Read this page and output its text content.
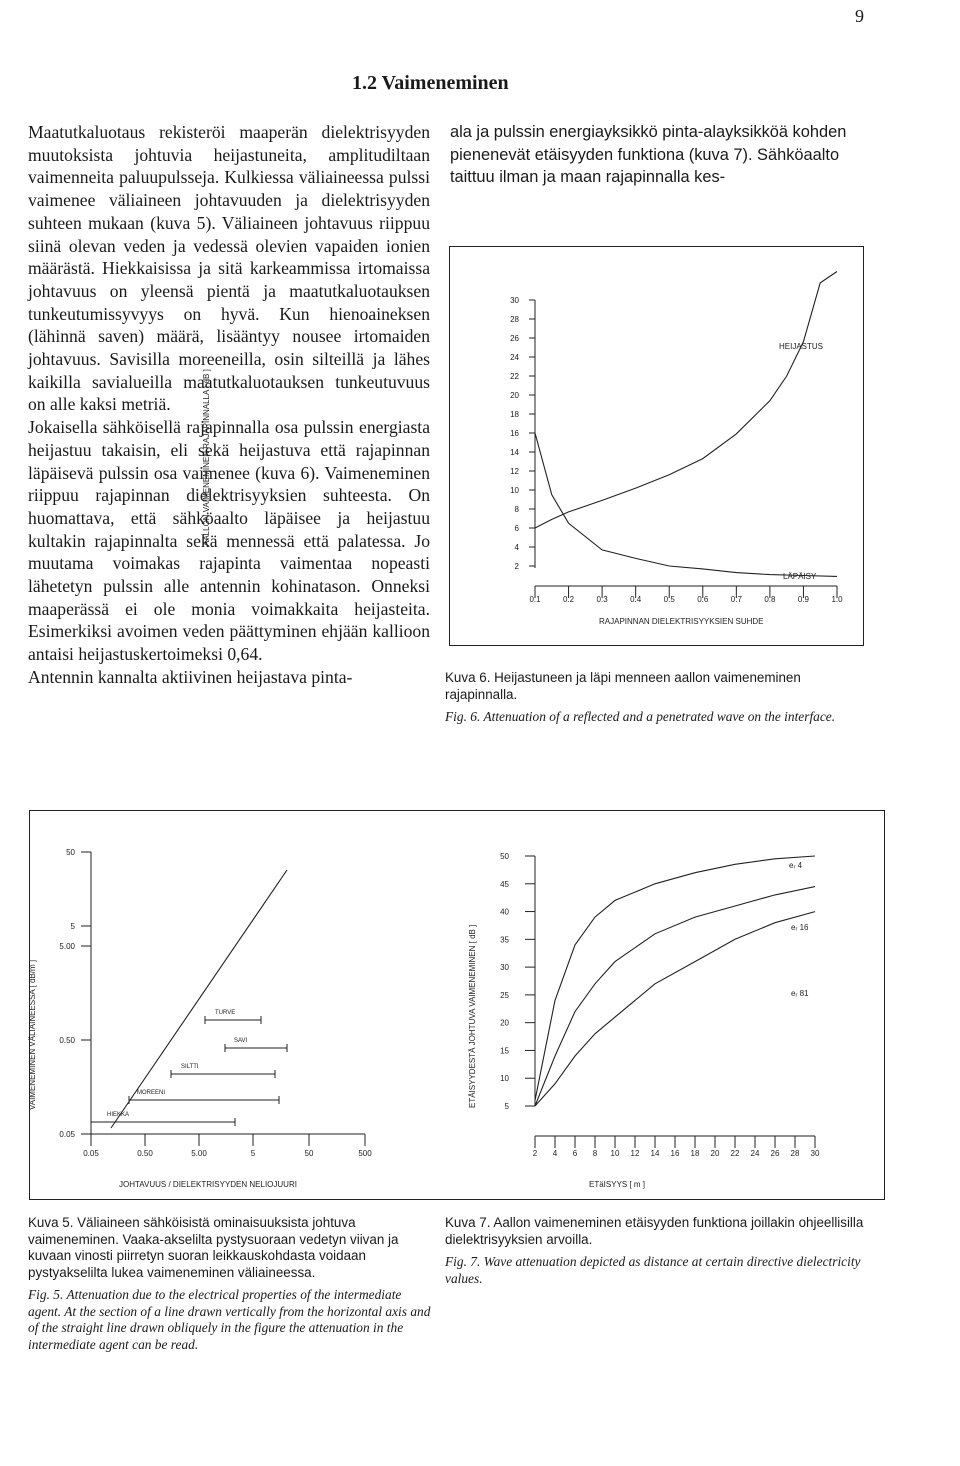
9
1.2 Vaimeneminen

Maatutkaluotaus rekisteröi maaperän dielektrisyyden muutoksista johtuvia heijastuneita, amplitudiltaan vaimenneita paluupulsseja. Kulkiessa väliaineessa pulssi vaimenee väliaineen johtavuuden ja dielektrisyyden suhteen mukaan (kuva 5). Väliaineen johtavuus riippuu siinä olevan veden ja vedessä olevien vapaiden ionien määrästä. Hiekkaisissa ja sitä karkeammissa irtomaissa johtavuus on yleensä pientä ja maatutkaluotauksen tunkeutumissyvyys on hyvä. Kun hienoaineksen (lähinnä saven) määrä, lisääntyy nousee irtomaiden johtavuus. Savisilla moreeneilla, osin silteillä ja lähes kaikilla savialueilla maatutkaluotauksen tunkeutuvuus on alle kaksi metriä.

Jokaisella sähköisellä rajapinnalla osa pulssin energiasta heijastuu takaisin, eli sekä heijastuva että rajapinnan läpäisevä pulssin osa vaimenee (kuva 6). Vaimeneminen riippuu rajapinnan dielektrisyyksien suhteesta. On huomattava, että sähköaalto läpäisee ja heijastuu kultakin rajapinnalta sekä mennessä että palatessa. Jo muutama voimakas rajapinta vaimentaa nopeasti lähetetyn pulssin alle antennin kohinatason. Onneksi maaperässä ei ole monia voimakkaita heijasteita. Esimerkiksi avoimen veden päättyminen ehjään kallioon antaisi heijastuskertoimeksi 0,64.

Antennin kannalta aktiivinen heijastava pinta-

ala ja pulssin energiayksikkö pinta-alayksikköä kohden pienenevät etäisyyden funktiona (kuva 7). Sähköaalto taittuu ilman ja maan rajapinnalla kes-

AALLON VAIMENEMINEN RAJAPINNALLA [ dB ]
RAJAPINNAN DIELEKTRISYYKSIEN SUHDE
2
4
6
8
10
12
14
16
18
20
22
24
26
28
30
0.1	0.2	0.3	0.4	0.5	0.6	0.7	0.8	0.9	1.0
HEIJASTUS
LÄPÄISY

Kuva 6. Heijastuneen ja läpi menneen aallon vaimeneminen rajapinnalla.

Fig. 6. Attenuation of a reflected and a penetrated wave on the interface.

VAIMENEMINEN VÄLIAINEESSA [ dB/m ]
JOHTAVUUS / DIELEKTRISYYDEN NELIOJUURI
0.05
0.50
5.00
5
50
0.05	0.50	5.00	5	50	500
HIEKKA
MOREENI
SILTTI
SAVI
TURVE	ETÄISYYDESTÄ JOHTUVA VAIMENEMINEN [ dB ]
ETäISYYS [ m ]
5
10
15
20
25
30
35
40
45
50
2 4 6 8 10 12 14 16 18 20 22 24 26 28 30
eᵣ 4
eᵣ 16
eᵣ 81

Kuva 5. Väliaineen sähköisistä ominaisuuksista johtuva vaimeneminen. Vaaka-akselilta pystysuoraan vedetyn viivan ja kuvaan vinosti piirretyn suoran leikkauskohdasta voidaan pystyakselilta lukea vaimeneminen väliaineessa.

Fig. 5. Attenuation due to the electrical properties of the intermediate agent. At the section of a line drawn vertically from the horizontal axis and of the straight line drawn obliquely in the figure the attenuation in the intermediate agent can be read.

Kuva 7. Aallon vaimeneminen etäisyyden funktiona joillakin ohjeellisilla dielektrisyyksien arvoilla.

Fig. 7. Wave attenuation depicted as distance at certain directive dielectricity values.
